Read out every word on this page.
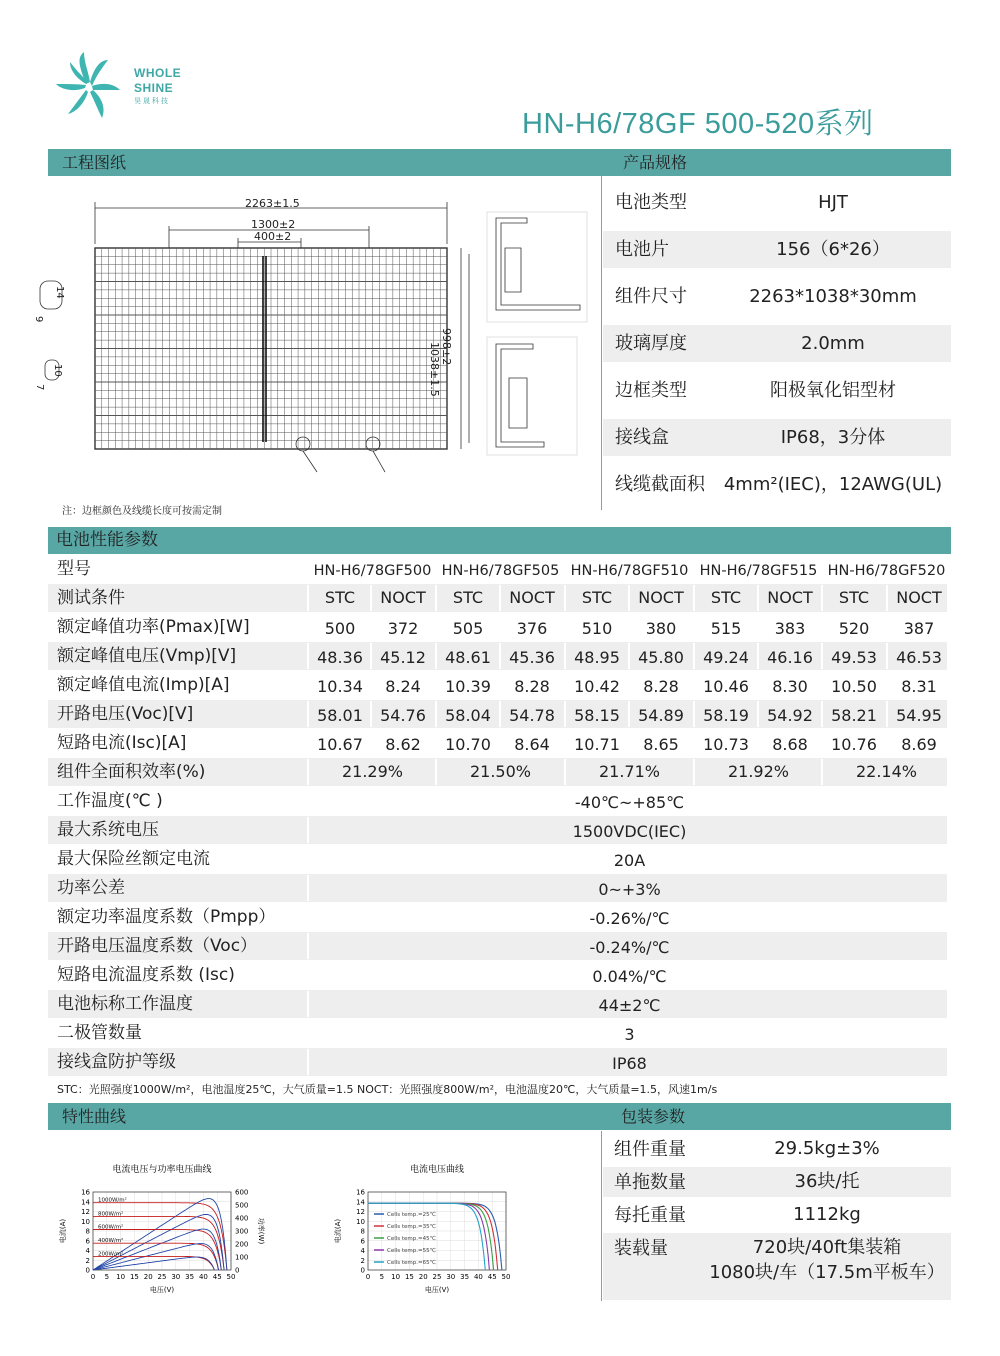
WHOLE
SHINE
昊晟科技
HN-H6/78GF 500-520系列
工程图纸	产品规格
2263±1.5
1300±2
400±2
1038±1.5 998±2
14
9
10
7
注：边框颜色及线缆长度可按需定制
电池类型	HJT
电池片	156（6*26）
组件尺寸	2263*1038*30mm
玻璃厚度	2.0mm
边框类型	阳极氧化铝型材
接线盒	IP68，3分体
线缆截面积	4mm²(IEC)，12AWG(UL)
电池性能参数
型号	HN-H6/78GF500 HN-H6/78GF505 HN-H6/78GF510 HN-H6/78GF515 HN-H6/78GF520
测试条件	STC	NOCT	STC	NOCT	STC	NOCT	STC	NOCT	STC	NOCT
额定峰值功率(Pmax)[W]	500	372	505	376	510	380	515	383	520	387
额定峰值电压(Vmp)[V]	48.36	45.12	48.61	45.36	48.95	45.80	49.24	46.16	49.53	46.53
额定峰值电流(Imp)[A]	10.34	8.24	10.39	8.28	10.42	8.28	10.46	8.30	10.50	8.31
开路电压(Voc)[V]	58.01	54.76	58.04	54.78	58.15	54.89	58.19	54.92	58.21	54.95
短路电流(Isc)[A]	10.67	8.62	10.70	8.64	10.71	8.65	10.73	8.68	10.76	8.69
组件全面积效率(%)	21.29%	21.50%	21.71%	21.92%	22.14%
工作温度(℃ )	-40℃~+85℃
最大系统电压	1500VDC(IEC)
最大保险丝额定电流	20A
功率公差	0~+3%
额定功率温度系数（Pmpp）	-0.26%/℃
开路电压温度系数（Voc）	-0.24%/℃
短路电流温度系数 (Isc)	0.04%/℃
电池标称工作温度	44±2℃
二极管数量	3
接线盒防护等级	IP68
STC：光照强度1000W/m²，电池温度25℃，大气质量=1.5 NOCT：光照强度800W/m²，电池温度20℃，大气质量=1.5，风速1m/s
特性曲线	包装参数
组件重量	29.5kg±3%
单拖数量	36块/托
每托重量	1112kg
装载量	720块/40ft集装箱
1080块/车（17.5m平板车）
电流电压与功率电压曲线
0 5 10 15 20 25 30 35 40 45 50
0
2
4
6
8
10
12
14
16
电压(V)
电流(A)
0
100
200
300
400
500
600
功率(W)
1000W/m²
800W/m²
600W/m²
400W/m²
200W/m²
电流电压曲线
0 5 10 15 20 25 30 35 40 45 50
0
2
4
6
8
10
12
14
16
电压(V)
电流(A)
Cells temp.=25℃
Cells temp.=35℃
Cells temp.=45℃
Cells temp.=55℃
Cells temp.=65℃
